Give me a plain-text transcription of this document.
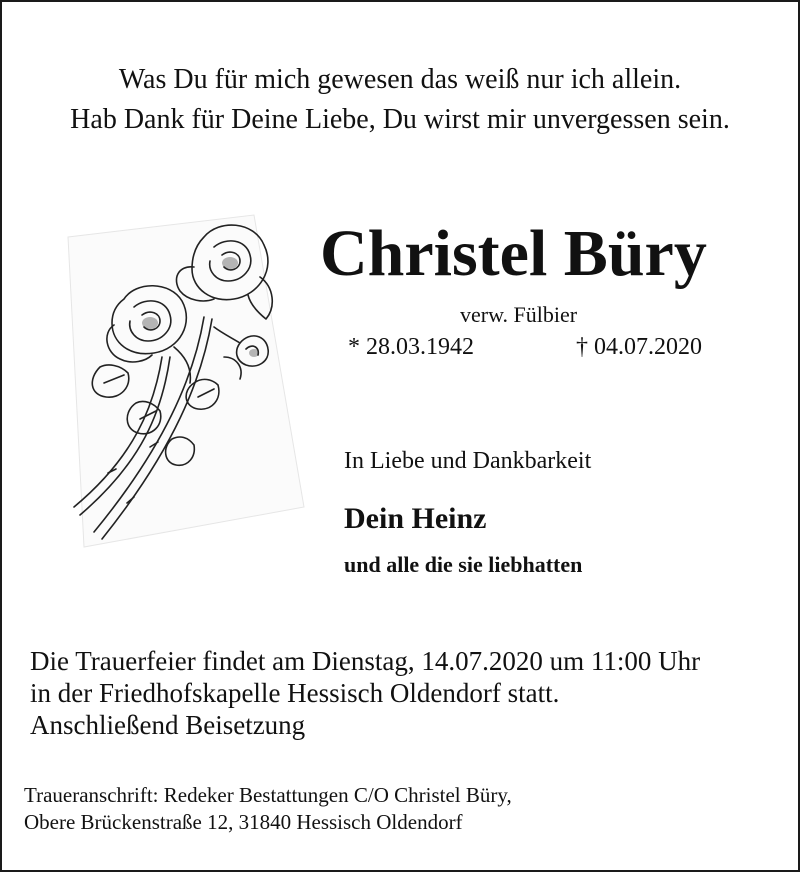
Was Du für mich gewesen das weiß nur ich allein.
Hab Dank für Deine Liebe, Du wirst mir unvergessen sein.
Christel Büry
verw. Fülbier
* 28.03.1942	† 04.07.2020
In Liebe und Dankbarkeit
Dein Heinz
und alle die sie liebhatten
Die Trauerfeier findet am Dienstag, 14.07.2020 um 11:00 Uhr
in der Friedhofskapelle Hessisch Oldendorf statt.
Anschließend Beisetzung
Traueranschrift: Redeker Bestattungen C/O Christel Büry,
Obere Brückenstraße 12, 31840 Hessisch Oldendorf
